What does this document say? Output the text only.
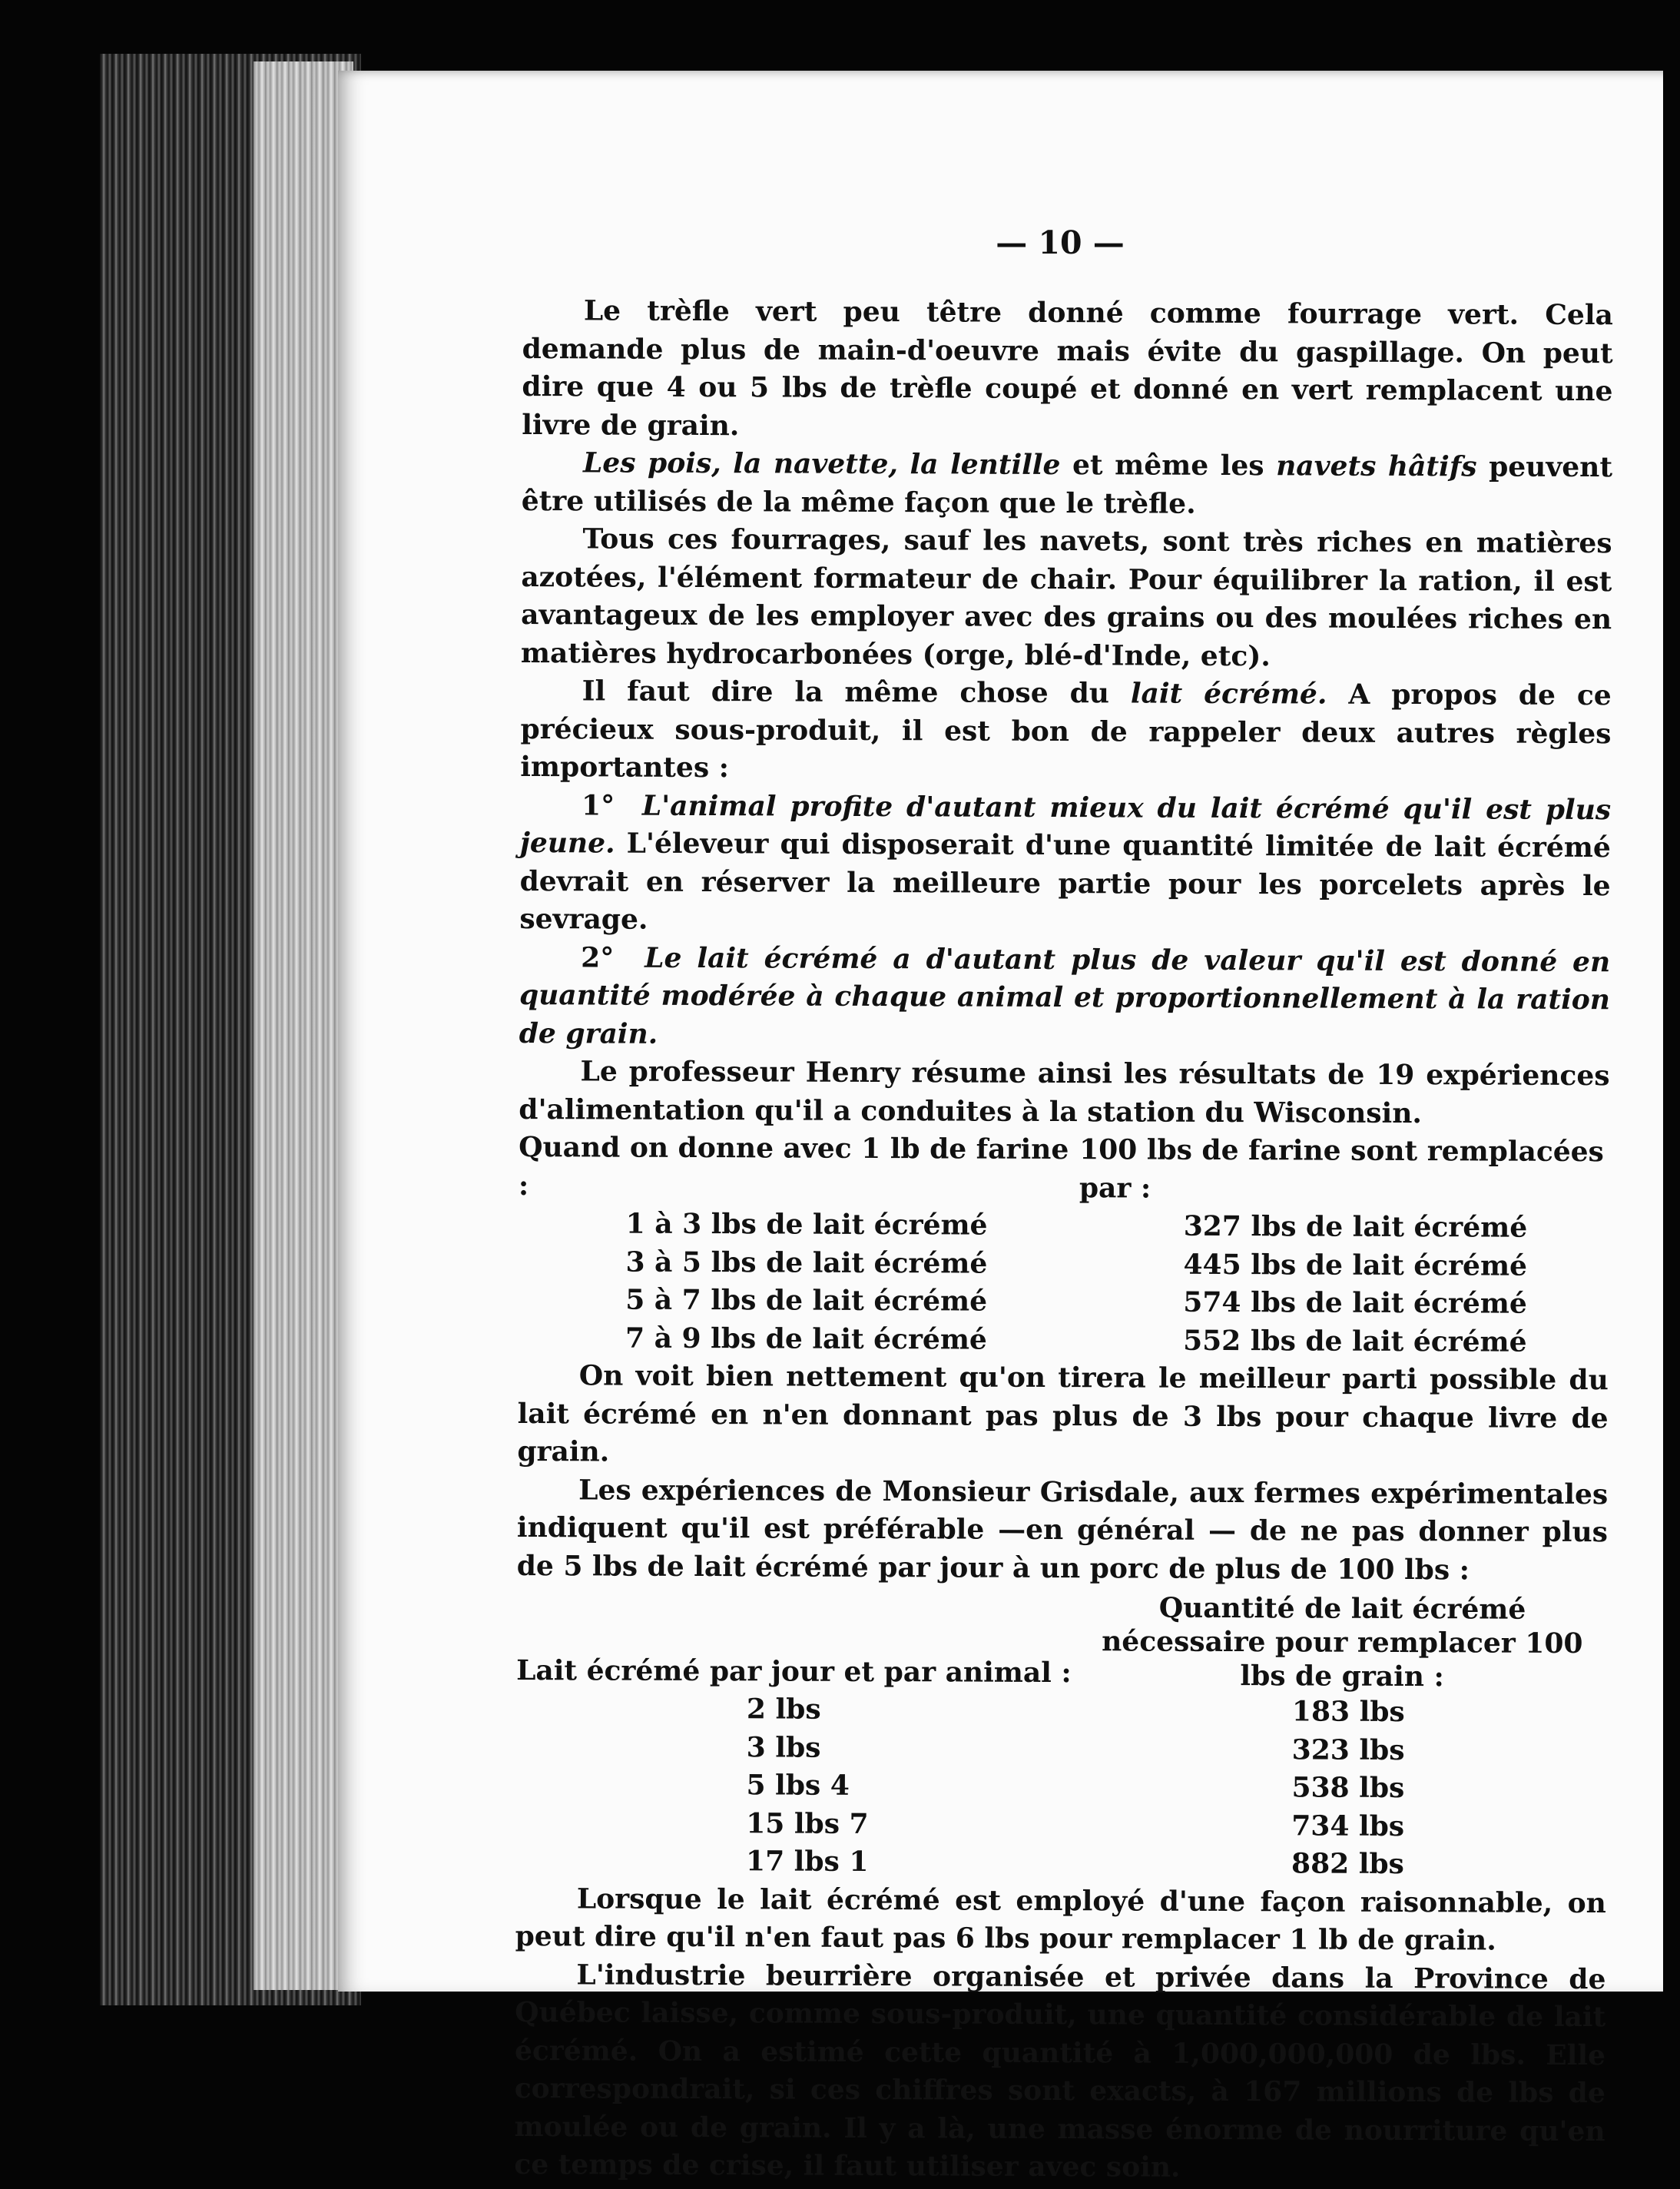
— 10 —

Le trèfle vert peu têtre donné comme fourrage vert. Cela demande plus de main-d'oeuvre mais évite du gaspillage. On peut dire que 4 ou 5 lbs de trèfle coupé et donné en vert remplacent une livre de grain.

Les pois, la navette, la lentille et même les navets hâtifs peuvent être utilisés de la même façon que le trèfle.

Tous ces fourrages, sauf les navets, sont très riches en matières azotées, l'élément formateur de chair. Pour équilibrer la ration, il est avantageux de les employer avec des grains ou des moulées riches en matières hydrocarbonées (orge, blé-d'Inde, etc).

Il faut dire la même chose du lait écrémé. A propos de ce précieux sous-produit, il est bon de rappeler deux autres règles importantes :

1° L'animal profite d'autant mieux du lait écrémé qu'il est plus jeune. L'éleveur qui disposerait d'une quantité limitée de lait écrémé devrait en réserver la meilleure partie pour les porcelets après le sevrage.

2° Le lait écrémé a d'autant plus de valeur qu'il est donné en quantité modérée à chaque animal et proportionnellement à la ration de grain.

Le professeur Henry résume ainsi les résultats de 19 expériences d'alimentation qu'il a conduites à la station du Wisconsin.

Quand on donne avec 1 lb de farine :
100 lbs de farine sont remplacées par :
1 à 3 lbs de lait écrémé	327 lbs de lait écrémé
3 à 5 lbs de lait écrémé	445 lbs de lait écrémé
5 à 7 lbs de lait écrémé	574 lbs de lait écrémé
7 à 9 lbs de lait écrémé	552 lbs de lait écrémé

On voit bien nettement qu'on tirera le meilleur parti possible du lait écrémé en n'en donnant pas plus de 3 lbs pour chaque livre de grain.

Les expériences de Monsieur Grisdale, aux fermes expérimentales indiquent qu'il est préférable —en général — de ne pas donner plus de 5 lbs de lait écrémé par jour à un porc de plus de 100 lbs :

Lait écrémé par jour et par animal :
Quantité de lait écrémé nécessaire pour remplacer 100 lbs de grain :
2 lbs	183 lbs
3 lbs	323 lbs
5 lbs 4	538 lbs
15 lbs 7	734 lbs
17 lbs 1	882 lbs

Lorsque le lait écrémé est employé d'une façon raisonnable, on peut dire qu'il n'en faut pas 6 lbs pour remplacer 1 lb de grain.

L'industrie beurrière organisée et privée dans la Province de Québec laisse, comme sous-produit, une quantité considérable de lait écrémé. On a estimé cette quantité à 1,000,000,000 de lbs. Elle correspondrait, si ces chiffres sont exacts, à 167 millions de lbs de moulée ou de grain. Il y a là, une masse énorme de nourriture qu'en ce temps de crise, il faut utiliser avec soin.
